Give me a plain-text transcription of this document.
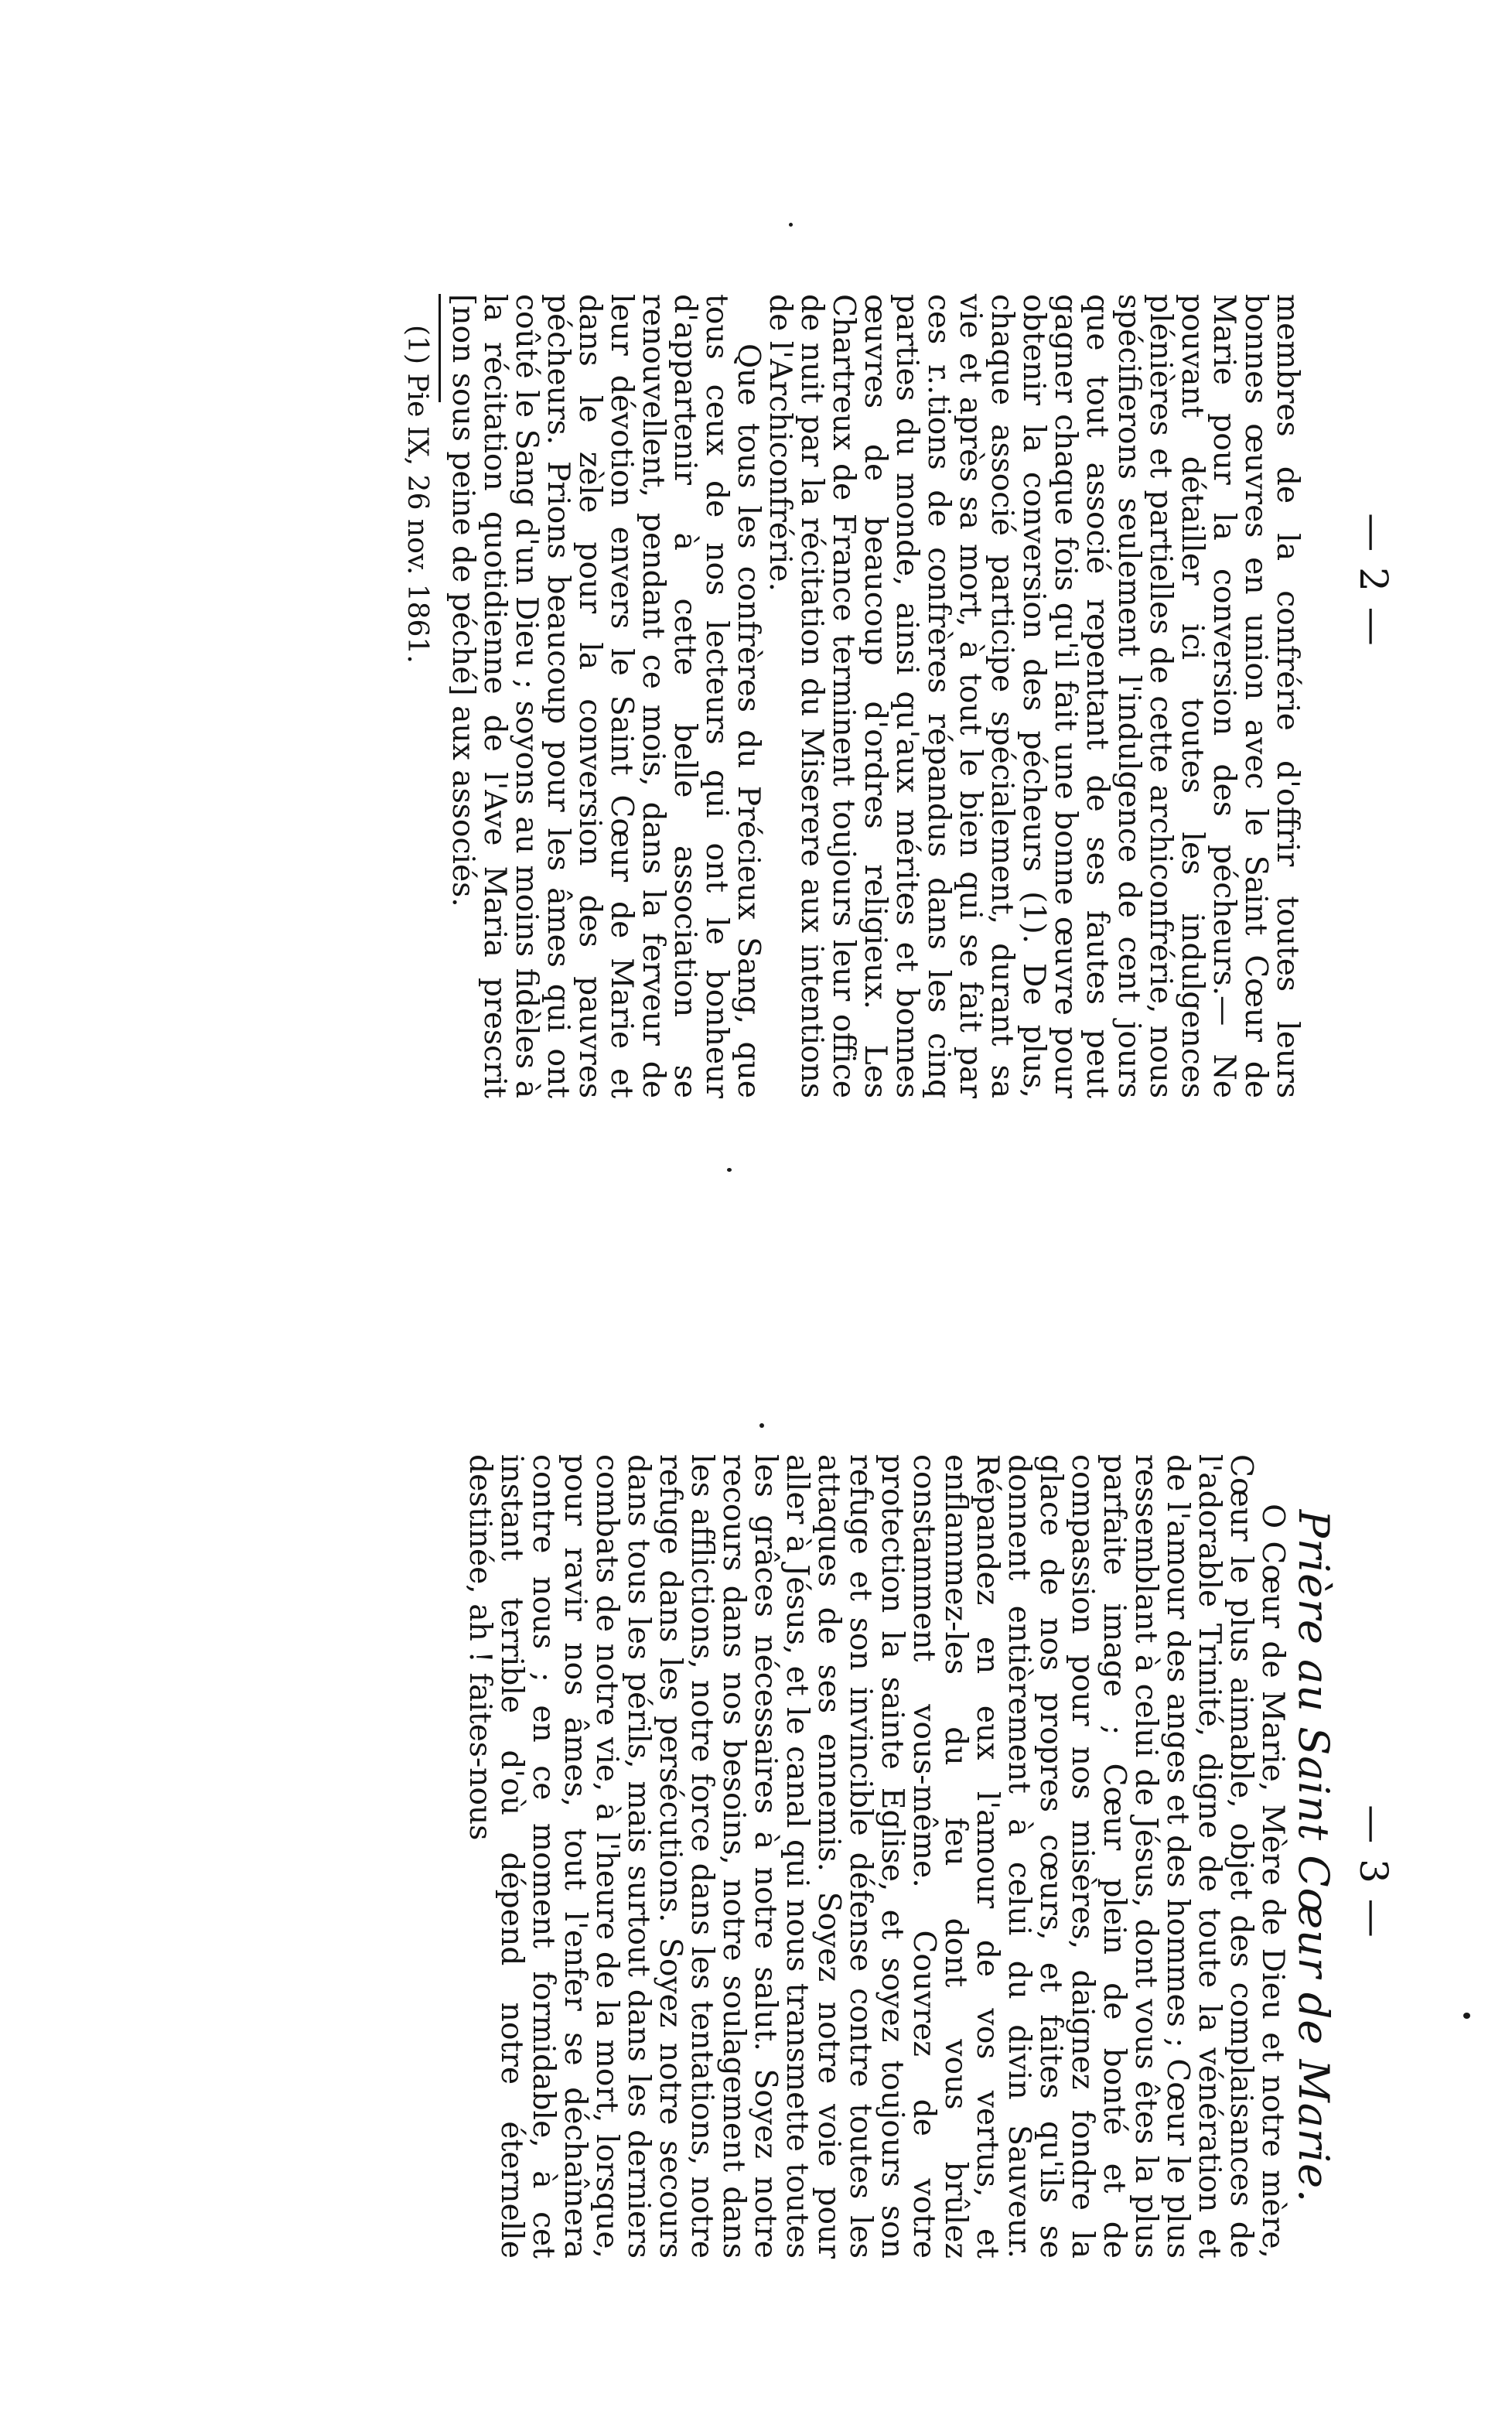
— 2 —

membres de la confrérie d'offrir toutes leurs bonnes œuvres en union avec le Saint Cœur de Marie pour la conversion des pécheurs.— Ne pouvant détailler ici toutes les indulgences plénières et partielles de cette archiconfrérie, nous spécifierons seulement l'indulgence de cent jours que tout associé repentant de ses fautes peut gagner chaque fois qu'il fait une bonne œuvre pour obtenir la conversion des pécheurs (1). De plus, chaque associé participe spécialement, durant sa vie et après sa mort, à tout le bien qui se fait par ces r..tions de confrères répandus dans les cinq parties du monde, ainsi qu'aux mérites et bonnes œuvres de beaucoup d'ordres religieux. Les Chartreux de France terminent toujours leur office de nuit par la récitation du Miserere aux intentions de l'Archiconfrérie.

Que tous les confrères du Précieux Sang, que tous ceux de nos lecteurs qui ont le bonheur d'appartenir à cette belle association se renouvellent, pendant ce mois, dans la ferveur de leur dévotion envers le Saint Cœur de Marie et dans le zèle pour la conversion des pauvres pécheurs. Prions beaucoup pour les âmes qui ont coûté le Sang d'un Dieu ; soyons au moins fidèles à la récitation quotidienne de l'Ave Maria prescrit [non sous peine de péché] aux associés.

(1) Pie IX, 26 nov. 1861.

— 3 —

Prière au Saint Cœur de Marie.

O Cœur de Marie, Mère de Dieu et notre mère, Cœur le plus aimable, objet des complaisances de l'adorable Trinité, digne de toute la vénération et de l'amour des anges et des hommes ; Cœur le plus ressemblant à celui de Jésus, dont vous êtes la plus parfaite image ; Cœur plein de bonté et de compassion pour nos misères, daignez fondre la glace de nos propres cœurs, et faites qu'ils se donnent entièrement à celui du divin Sauveur. Répandez en eux l'amour de vos vertus, et enflammez-les du feu dont vous brûlez constamment vous-même. Couvrez de votre protection la sainte Eglise, et soyez toujours son refuge et son invincible défense contre toutes les attaques de ses ennemis. Soyez notre voie pour aller à Jésus, et le canal qui nous transmette toutes les grâces nécessaires à notre salut. Soyez notre recours dans nos besoins, notre soulagement dans les afflictions, notre force dans les tentations, notre refuge dans les persécutions. Soyez notre secours dans tous les périls, mais surtout dans les derniers combats de notre vie, à l'heure de la mort, lorsque, pour ravir nos âmes, tout l'enfer se déchaînera contre nous ; en ce moment formidable, à cet instant terrible d'où dépend notre éternelle destinée, ah ! faites-nous
